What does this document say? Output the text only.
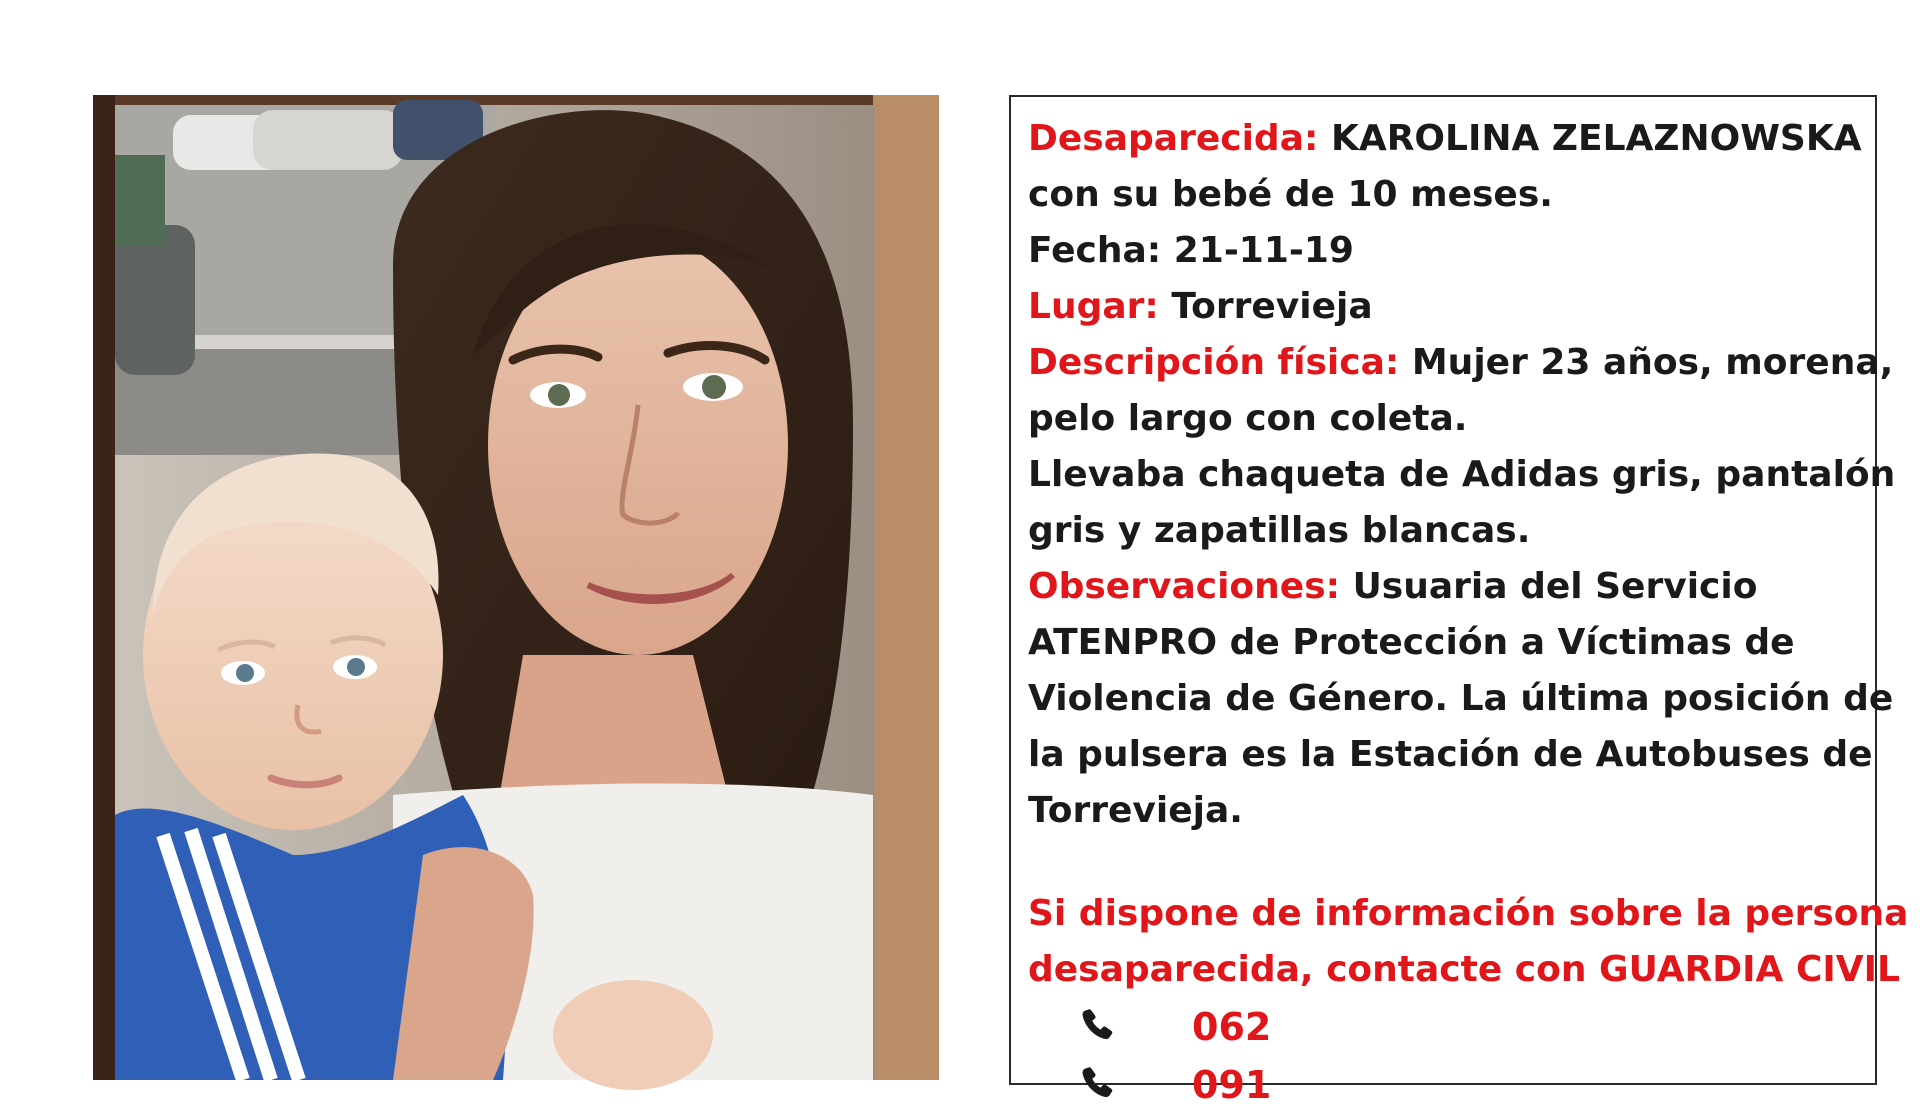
Desaparecida: KAROLINA ZELAZNOWSKA

con su bebé de 10 meses.

Fecha: 21-11-19

Lugar: Torrevieja

Descripción física: Mujer 23 años, morena,

pelo largo con coleta.

Llevaba chaqueta de Adidas gris, pantalón

gris y zapatillas blancas.

Observaciones: Usuaria del Servicio

ATENPRO de Protección a Víctimas de

Violencia de Género. La última posición de

la pulsera es la Estación de Autobuses de

Torrevieja.

Si dispone de información sobre la persona

desaparecida, contacte con GUARDIA CIVIL

062
091
